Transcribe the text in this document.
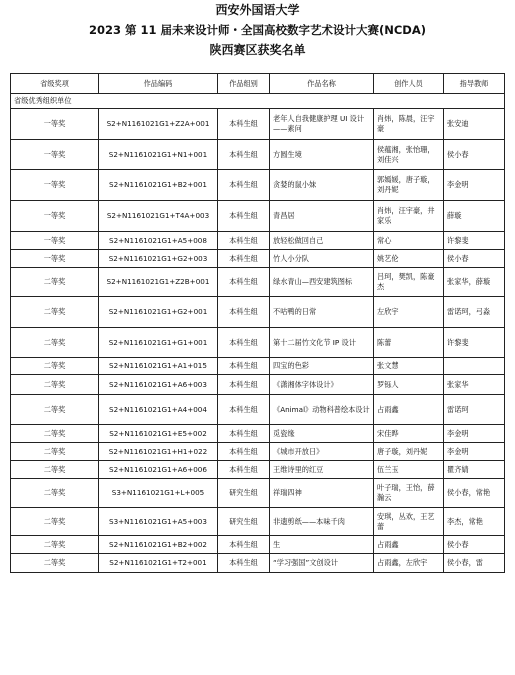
西安外国语大学
2023 第 11 届未来设计师・全国高校数字艺术设计大赛(NCDA)
陕西赛区获奖名单
省级奖项	作品编码	作品组别	作品名称	创作人员	指导教师
省级优秀组织单位					
一等奖	S2+N1161021G1+Z2A+001	本科生组	老年人自我健康护理 UI 设计——素问	肖炜，陈晨，汪宇豪	张安迪
一等奖	S2+N1161021G1+N1+001	本科生组	方圆生境	侯蕴湘，张怡珊，刘佳兴	侯小春
一等奖	S2+N1161021G1+B2+001	本科生组	贪婪的鼠小妹	郭嫣媛，唐子璇，刘丹妮	李金明
一等奖	S2+N1161021G1+T4A+003	本科生组	青昌居	肖炜，汪宇豪，井家乐	薛璇
一等奖	S2+N1161021G1+A5+008	本科生组	放轻松做回自己	常心	许黎斐
一等奖	S2+N1161021G1+G2+003	本科生组	竹人小分队	姚艺伦	侯小春
二等奖	S2+N1161021G1+Z2B+001	本科生组	绿水青山—西安建筑图标	吕珂，樊凯，陈豪杰	张家华，薛璇
二等奖	S2+N1161021G1+G2+001	本科生组	不咕鸭的日常	左欣宇	雷诺珂，弓淼
二等奖	S2+N1161021G1+G1+001	本科生组	第十二届竹文化节 IP 设计	陈蕾	许黎斐
二等奖	S2+N1161021G1+A1+015	本科生组	四宝的色彩	张文慧	
二等奖	S2+N1161021G1+A6+003	本科生组	《潇湘体字体设计》	罗铄人	张家华
二等奖	S2+N1161021G1+A4+004	本科生组	《Animal》动物科普绘本设计	占雨鑫	雷诺珂
二等奖	S2+N1161021G1+E5+002	本科生组	觅瓷缘	宋佳晔	李金明
二等奖	S2+N1161021G1+H1+022	本科生组	《城市开放日》	唐子璇，刘丹妮	李金明
二等奖	S2+N1161021G1+A6+006	本科生组	王维诗里的红豆	伍兰玉	瞿齐婧
二等奖	S3+N1161021G1+L+005	研究生组	祥瑞四神	叶子瑞，王怡，薛瀚云	侯小春，常艳
二等奖	S3+N1161021G1+A5+003	研究生组	非遗剪纸——本味千肉	安琪，丛欢，王艺蕾	李杰，常艳
二等奖	S2+N1161021G1+B2+002	本科生组	生	占雨鑫	侯小春
二等奖	S2+N1161021G1+T2+001	本科生组	“学习强国”文创设计	占雨鑫，左欣宇	侯小春，雷
